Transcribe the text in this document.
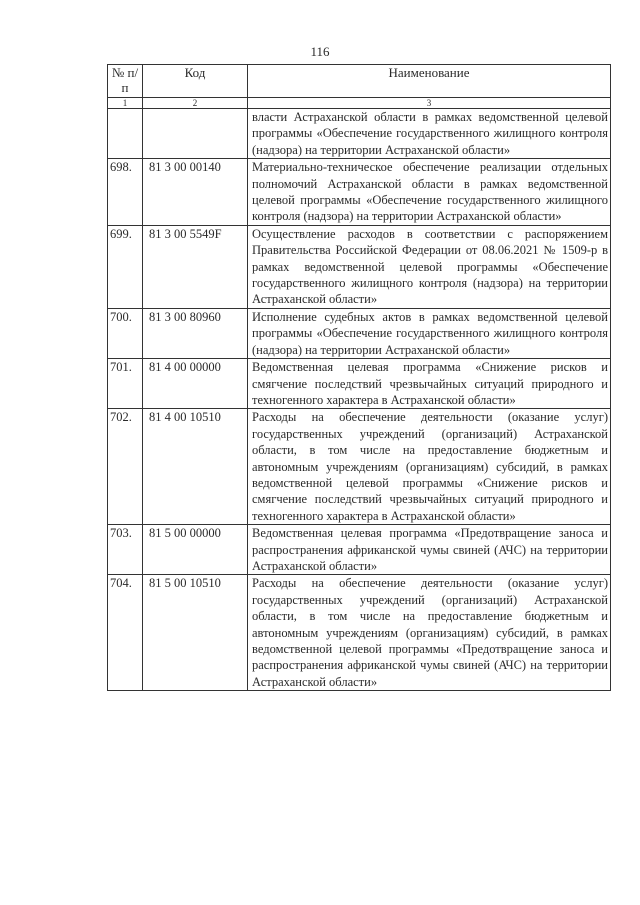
116
№ п/п	Код	Наименование
1	2	3
		власти Астраханской области в рамках ведомственной целевой программы «Обеспечение государственного жилищного контроля (надзора) на территории Астраханской области»
698.	81 3 00 00140	Материально-техническое обеспечение реализации отдельных полномочий Астраханской области в рамках ведомственной целевой программы «Обеспечение государственного жилищного контроля (надзора) на территории Астраханской области»
699.	81 3 00 5549F	Осуществление расходов в соответствии с распоряжением Правительства Российской Федерации от 08.06.2021 № 1509-р в рамках ведомственной целевой программы «Обеспечение государственного жилищного контроля (надзора) на территории Астраханской области»
700.	81 3 00 80960	Исполнение судебных актов в рамках ведомственной целевой программы «Обеспечение государственного жилищного контроля (надзора) на территории Астраханской области»
701.	81 4 00 00000	Ведомственная целевая программа «Снижение рисков и смягчение последствий чрезвычайных ситуаций природного и техногенного характера в Астраханской области»
702.	81 4 00 10510	Расходы на обеспечение деятельности (оказание услуг) государственных учреждений (организаций) Астраханской области, в том числе на предоставление бюджетным и автономным учреждениям (организациям) субсидий, в рамках ведомственной целевой программы «Снижение рисков и смягчение последствий чрезвычайных ситуаций природного и техногенного характера в Астраханской области»
703.	81 5 00 00000	Ведомственная целевая программа «Предотвращение заноса и распространения африканской чумы свиней (АЧС) на территории Астраханской области»
704.	81 5 00 10510	Расходы на обеспечение деятельности (оказание услуг) государственных учреждений (организаций) Астраханской области, в том числе на предоставление бюджетным и автономным учреждениям (организациям) субсидий, в рамках ведомственной целевой программы «Предотвращение заноса и распространения африканской чумы свиней (АЧС) на территории Астраханской области»
